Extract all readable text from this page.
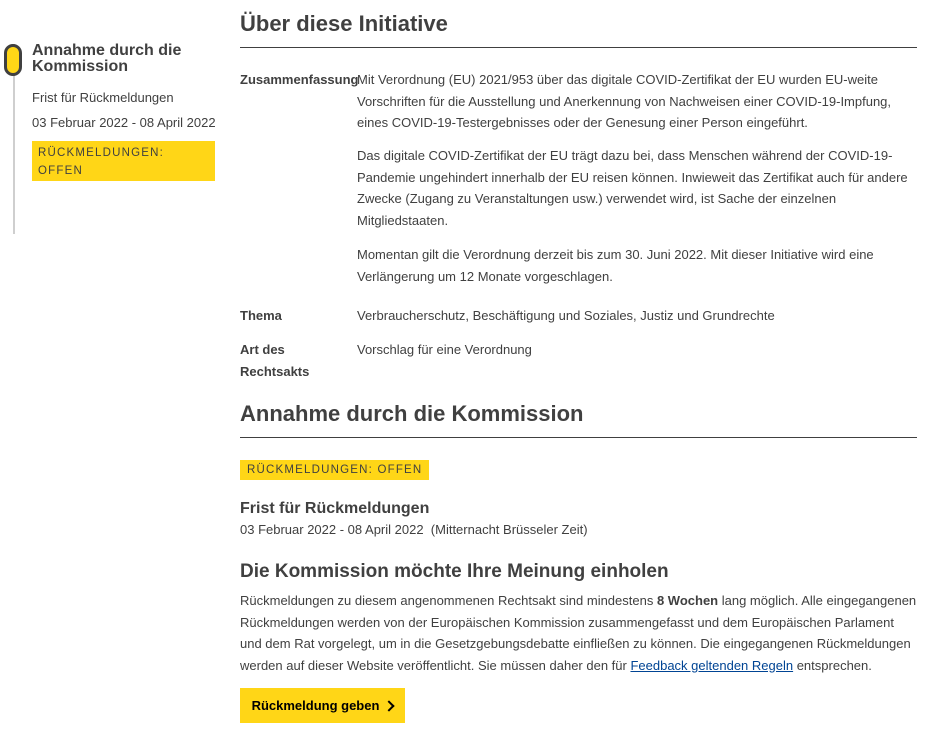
Annahme durch die Kommission
Frist für Rückmeldungen
03 Februar 2022 - 08 April 2022
RÜCKMELDUNGEN: OFFEN
Über diese Initiative
Zusammenfassung
Mit Verordnung (EU) 2021/953 über das digitale COVID-Zertifikat der EU wurden EU-weite Vorschriften für die Ausstellung und Anerkennung von Nachweisen einer COVID-19-Impfung, eines COVID-19-Testergebnisses oder der Genesung einer Person eingeführt.
Das digitale COVID-Zertifikat der EU trägt dazu bei, dass Menschen während der COVID-19-Pandemie ungehindert innerhalb der EU reisen können. Inwieweit das Zertifikat auch für andere Zwecke (Zugang zu Veranstaltungen usw.) verwendet wird, ist Sache der einzelnen Mitgliedstaaten.
Momentan gilt die Verordnung derzeit bis zum 30. Juni 2022. Mit dieser Initiative wird eine Verlängerung um 12 Monate vorgeschlagen.
Thema	Verbraucherschutz, Beschäftigung und Soziales, Justiz und Grundrechte
Art des Rechtsakts
Vorschlag für eine Verordnung
Annahme durch die Kommission
RÜCKMELDUNGEN: OFFEN
Frist für Rückmeldungen
03 Februar 2022 - 08 April 2022  (Mitternacht Brüsseler Zeit)
Die Kommission möchte Ihre Meinung einholen
Rückmeldungen zu diesem angenommenen Rechtsakt sind mindestens 8 Wochen lang möglich. Alle eingegangenen Rückmeldungen werden von der Europäischen Kommission zusammengefasst und dem Europäischen Parlament und dem Rat vorgelegt, um in die Gesetzgebungsdebatte einfließen zu können. Die eingegangenen Rückmeldungen werden auf dieser Website veröffentlicht. Sie müssen daher den für Feedback geltenden Regeln entsprechen.
Rückmeldung geben
